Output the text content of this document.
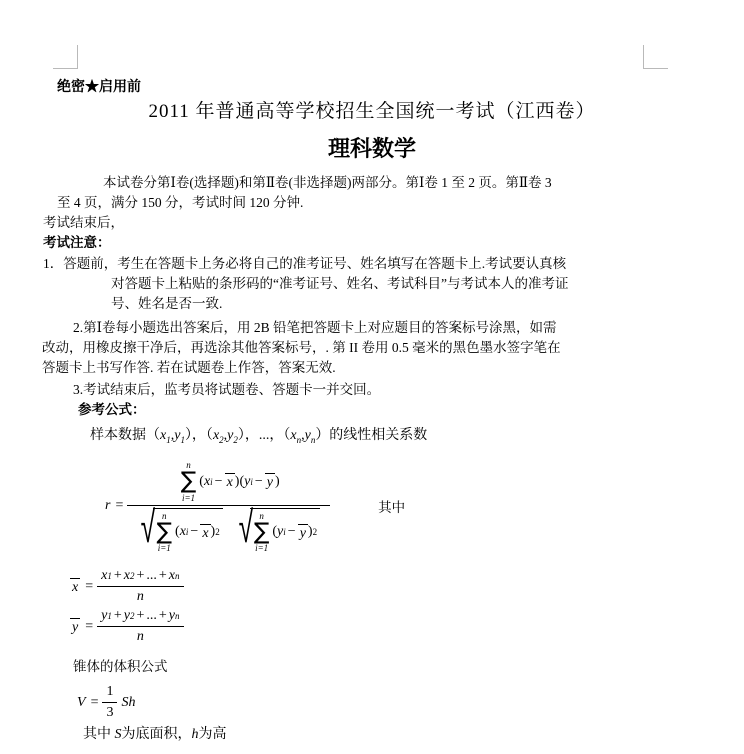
绝密★启用前
2011 年普通高等学校招生全国统一考试（江西卷）
理科数学
本试卷分第Ⅰ卷(选择题)和第Ⅱ卷(非选择题)两部分。第Ⅰ卷 1 至 2 页。第Ⅱ卷 3
至 4 页，满分 150 分，考试时间 120 分钟.
考试结束后，
考试注意：
1．答题前，考生在答题卡上务必将自己的准考证号、姓名填写在答题卡上.考试要认真核
对答题卡上粘贴的条形码的“准考证号、姓名、考试科目”与考试本人的准考证
号、姓名是否一致.
2.第Ⅰ卷每小题选出答案后，用 2B 铅笔把答题卡上对应题目的答案标号涂黑，如需
改动，用橡皮擦干净后，再选涂其他答案标号，. 第 II 卷用 0.5 毫米的黑色墨水签字笔在
答题卡上书写作答. 若在试题卷上作答，答案无效.
3.考试结束后，监考员将试题卷、答题卡一并交回。
参考公式：
样本数据$(x_1,y_1)$，$(x_2,y_2)$，...，$(x_n,y_n)$的线性相关系数
r =
n
∑
i=1
( x i − x ) ( y i − y )
√ n
∑
i=1
( x i − x ) 2 √ n
∑
i=1
( y i − y ) 2
其中
$x = \frac{\text{x 1 + x 2 + ... + x n}}{n}$
$y = \frac{\text{y 1 + y 2 + ... + y n}}{n}$
锥体的体积公式
$V = \frac{1}{3}$ Sh
其中 S为底面积，h为高
